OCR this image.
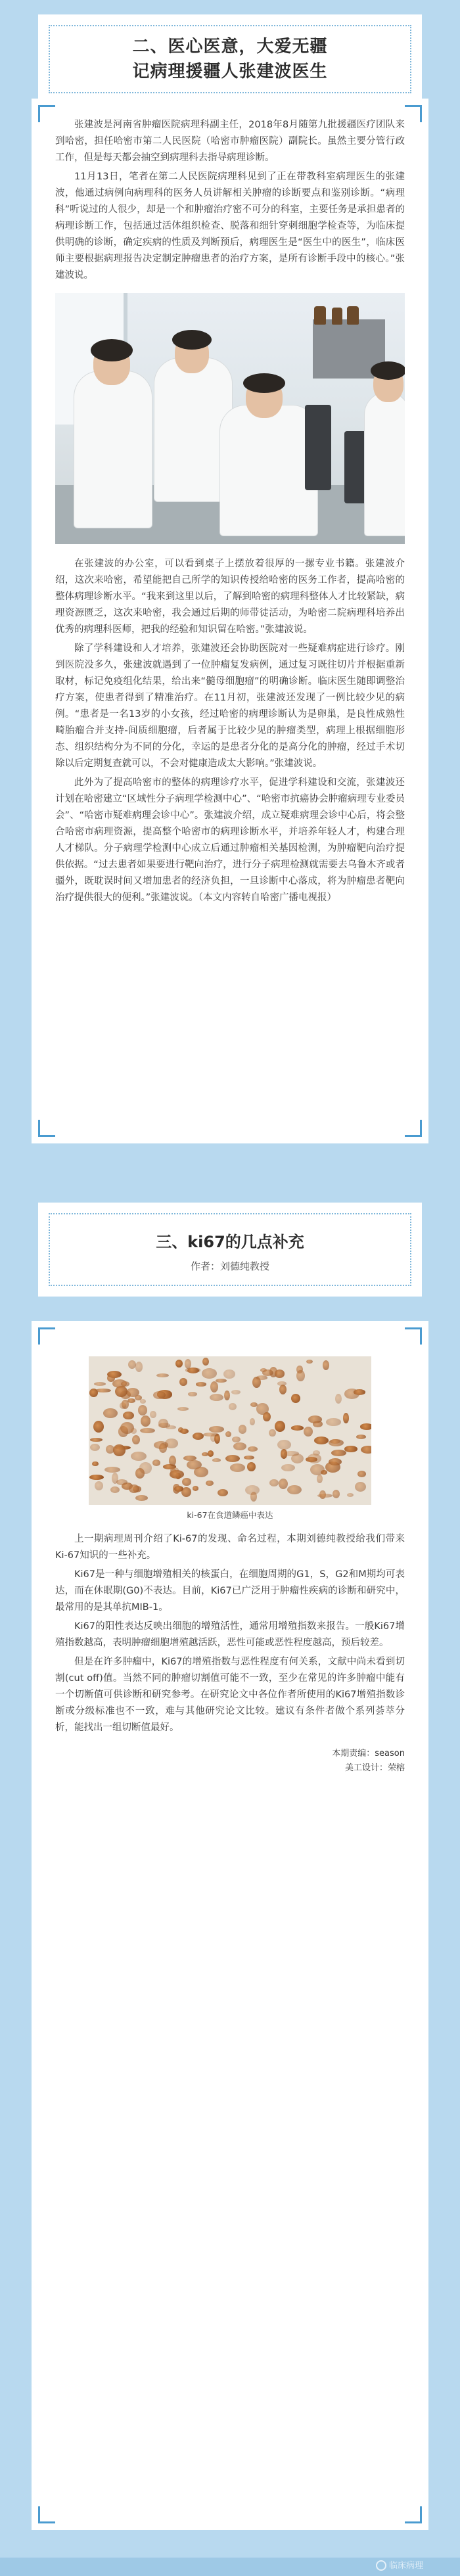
二、医心医意，大爱无疆
记病理援疆人张建波医生

张建波是河南省肿瘤医院病理科副主任，2018年8月随第九批援疆医疗团队来到哈密，担任哈密市第二人民医院（哈密市肿瘤医院）副院长。虽然主要分管行政工作，但是每天都会抽空到病理科去指导病理诊断。

11月13日，笔者在第二人民医院病理科见到了正在带教科室病理医生的张建波，他通过病例向病理科的医务人员讲解相关肿瘤的诊断要点和鉴别诊断。“病理科”听说过的人很少，却是一个和肿瘤治疗密不可分的科室，主要任务是承担患者的病理诊断工作，包括通过活体组织检查、脱落和细针穿刺细胞学检查等，为临床提供明确的诊断，确定疾病的性质及判断预后，病理医生是“医生中的医生”，临床医师主要根据病理报告决定制定肿瘤患者的治疗方案，是所有诊断手段中的核心。”张建波说。

在张建波的办公室，可以看到桌子上摆放着很厚的一摞专业书籍。张建波介绍，这次来哈密，希望能把自己所学的知识传授给哈密的医务工作者，提高哈密的整体病理诊断水平。“我来到这里以后，了解到哈密的病理科整体人才比较紧缺，病理资源匮乏，这次来哈密，我会通过后期的师带徒活动，为哈密二院病理科培养出优秀的病理科医师，把我的经验和知识留在哈密。”张建波说。

除了学科建设和人才培养，张建波还会协助医院对一些疑难病症进行诊疗。刚到医院没多久，张建波就遇到了一位肿瘤复发病例，通过复习既往切片并根据重新取材，标记免疫组化结果，给出来“髓母细胞瘤”的明确诊断。临床医生随即调整治疗方案，使患者得到了精准治疗。在11月初，张建波还发现了一例比较少见的病例。“患者是一名13岁的小女孩，经过哈密的病理诊断认为是卵巢，是良性成熟性畸胎瘤合并支持-间质细胞瘤，后者属于比较少见的肿瘤类型，病理上根据细胞形态、组织结构分为不同的分化，幸运的是患者分化的是高分化的肿瘤，经过手术切除以后定期复查就可以，不会对健康造成太大影响。”张建波说。

此外为了提高哈密市的整体的病理诊疗水平，促进学科建设和交流，张建波还计划在哈密建立“区域性分子病理学检测中心”、“哈密市抗癌协会肿瘤病理专业委员会”、“哈密市疑难病理会诊中心”。张建波介绍，成立疑难病理会诊中心后，将会整合哈密市病理资源，提高整个哈密市的病理诊断水平，并培养年轻人才，构建合理人才梯队。分子病理学检测中心成立后通过肿瘤相关基因检测，为肿瘤靶向治疗提供依据。“过去患者如果要进行靶向治疗，进行分子病理检测就需要去乌鲁木齐或者疆外，既耽误时间又增加患者的经济负担，一旦诊断中心落成，将为肿瘤患者靶向治疗提供很大的便利。”张建波说。（本文内容转自哈密广播电视报）

三、ki67的几点补充
作者：刘德纯教授
ki-67在食道鳞癌中表达

上一期病理周刊介绍了Ki-67的发现、命名过程，本期刘德纯教授给我们带来Ki-67知识的一些补充。

Ki67是一种与细胞增殖相关的核蛋白，在细胞周期的G1，S，G2和M期均可表达，而在休眠期(G0)不表达。目前，Ki67已广泛用于肿瘤性疾病的诊断和研究中，最常用的是其单抗MIB-1。

Ki67的阳性表达反映出细胞的增殖活性，通常用增殖指数来报告。一般Ki67增殖指数越高，表明肿瘤细胞增殖越活跃，恶性可能或恶性程度越高，预后较差。

但是在许多肿瘤中，Ki67的增殖指数与恶性程度有何关系，文献中尚未看到切割(cut off)值。当然不同的肿瘤切割值可能不一致，至少在常见的许多肿瘤中能有一个切断值可供诊断和研究参考。在研究论文中各位作者所使用的Ki67增殖指数诊断或分级标准也不一致，难与其他研究论文比较。建议有条件者做个系列荟萃分析，能找出一组切断值最好。

本期责编：season
美工设计：荣榕
临床病理
